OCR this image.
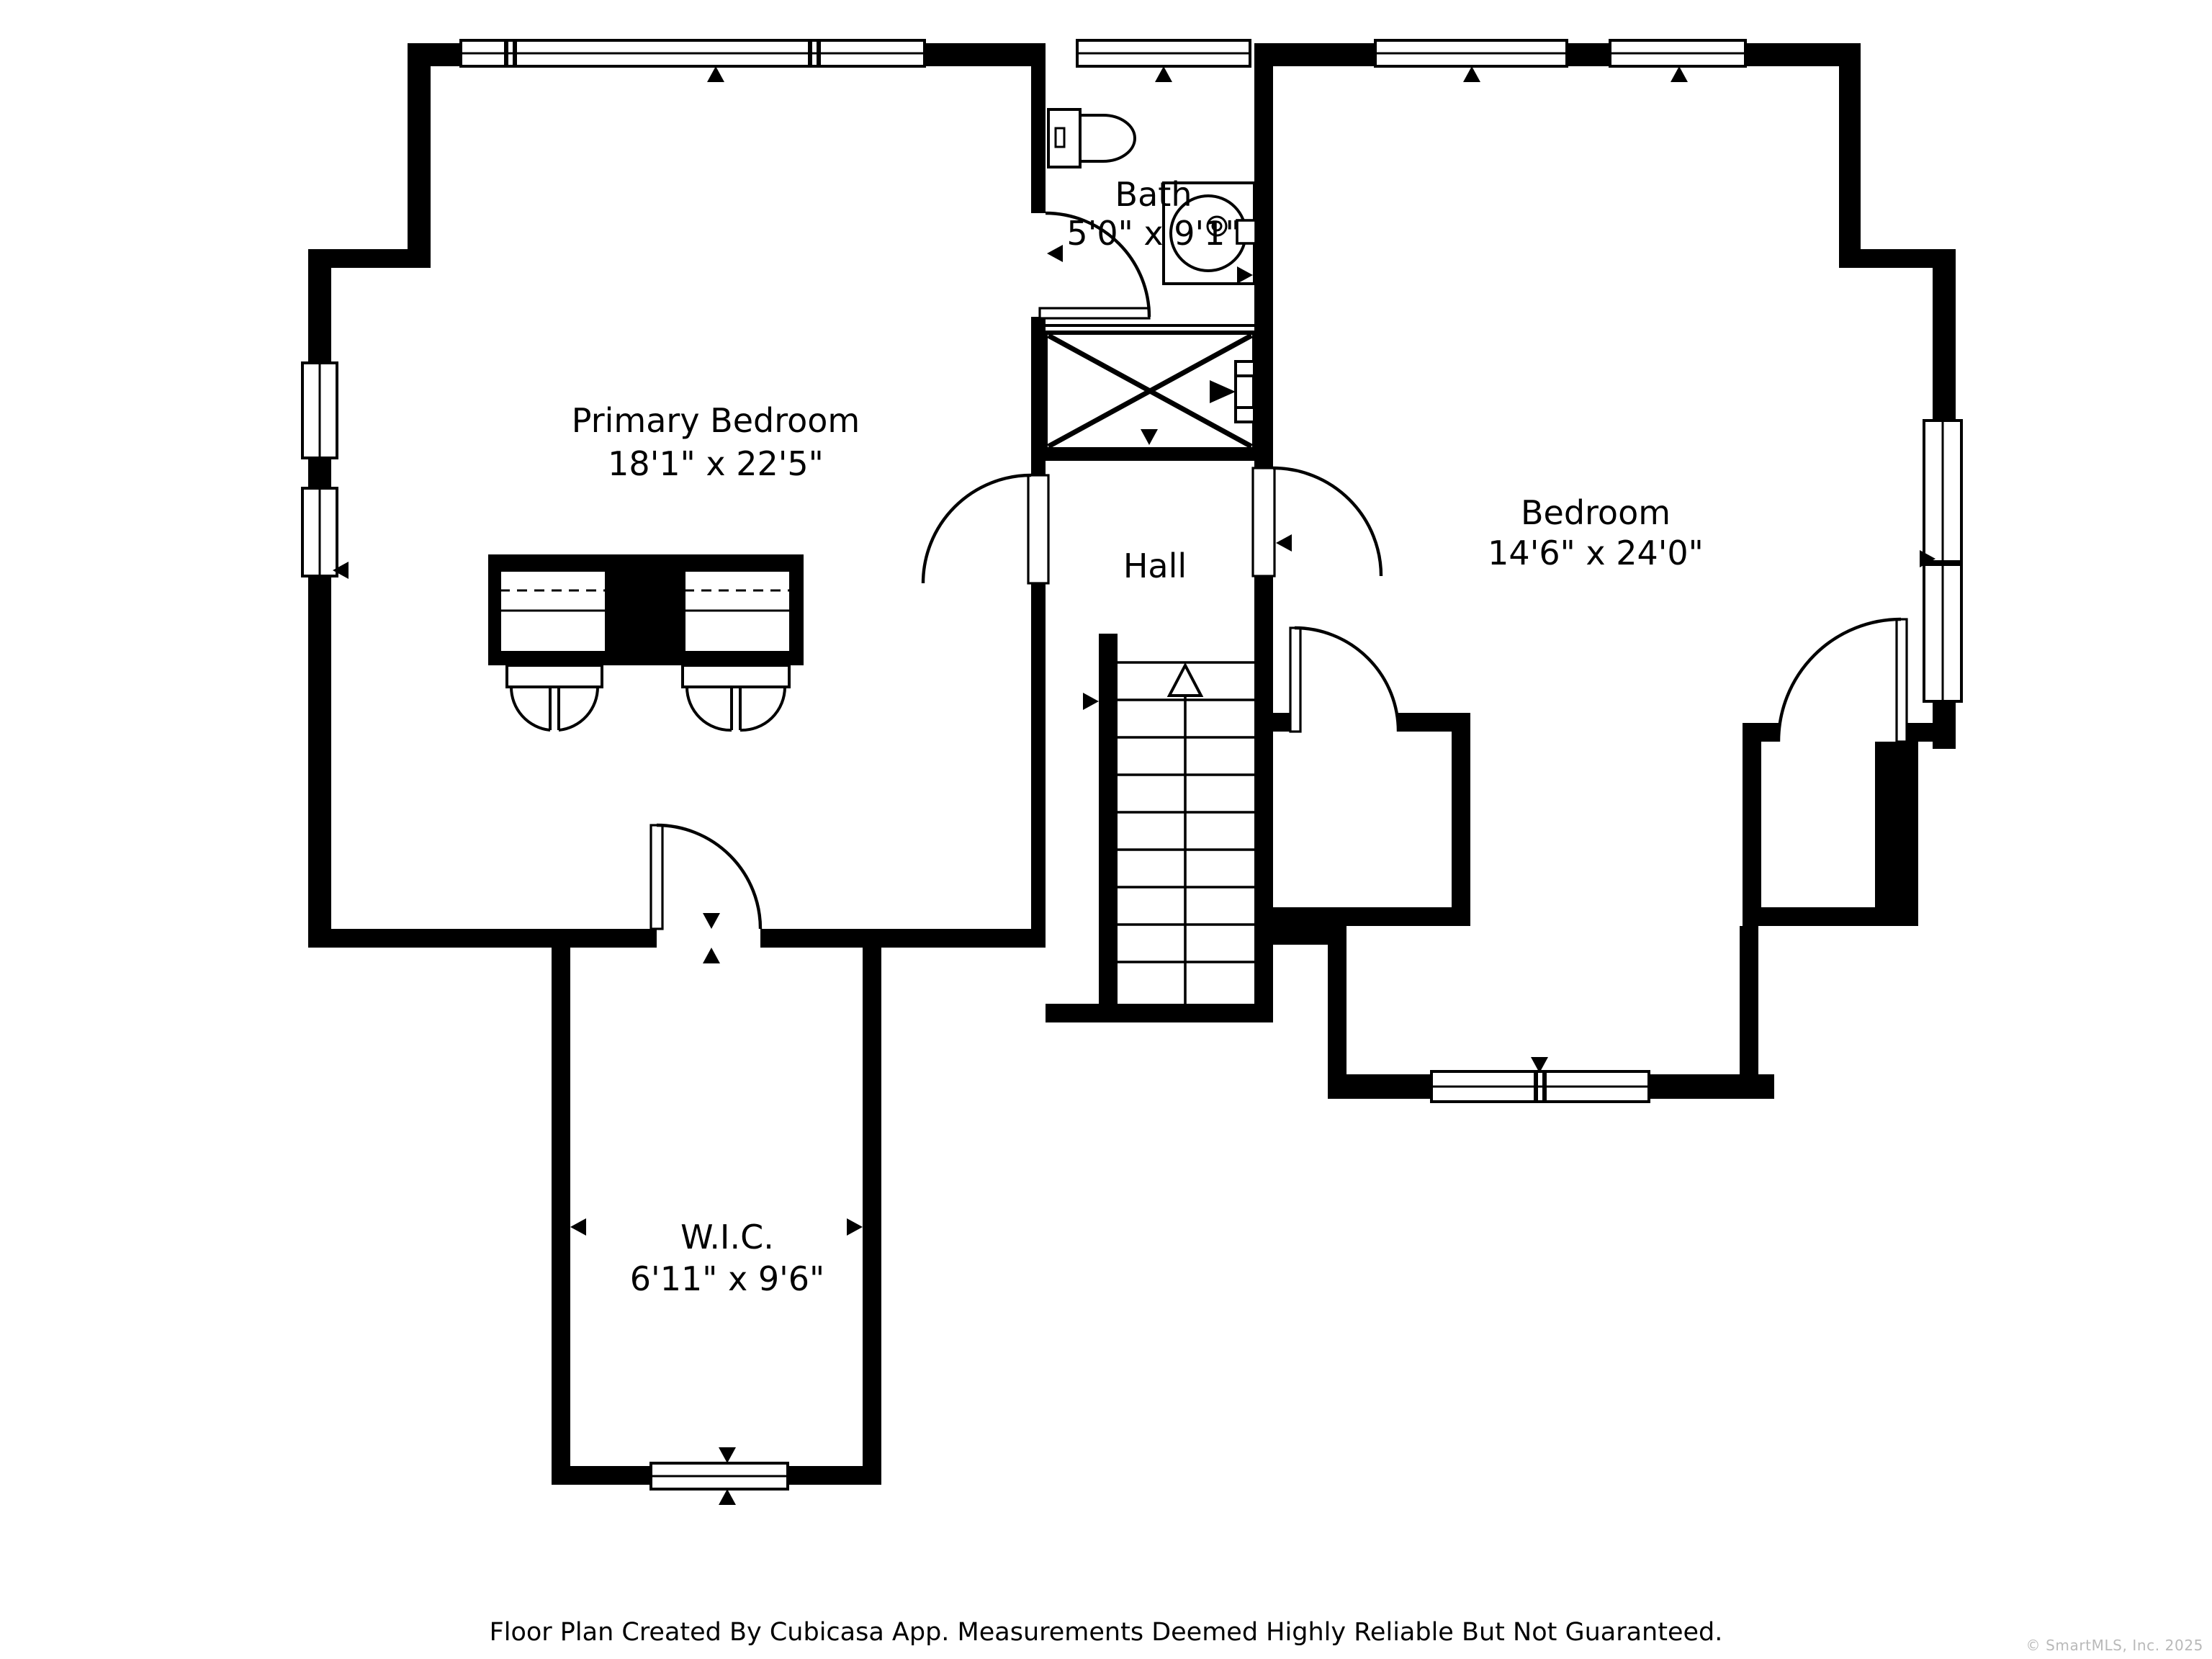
Primary Bedroom
18'1" x 22'5"
Bath
5'0" x 9'1"
Hall
Bedroom
14'6" x 24'0"
W.I.C.
6'11" x 9'6"
Floor Plan Created By Cubicasa App. Measurements Deemed Highly Reliable But Not Guaranteed.	© SmartMLS, Inc. 2025
